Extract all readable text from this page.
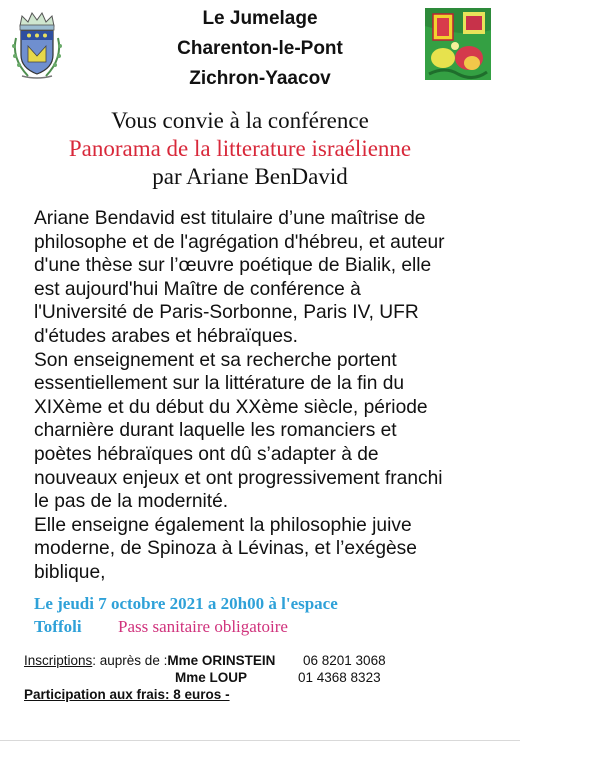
Le Jumelage
Charenton-le-Pont
Zichron-Yaacov
Vous convie à la conférence
Panorama de la litterature israélienne
par Ariane BenDavid
Ariane Bendavid est titulaire d’une maîtrise de
philosophe et de l'agrégation d'hébreu, et auteur
d'une thèse sur l’œuvre poétique de Bialik, elle
est aujourd'hui Maître de conférence à
l'Université de Paris-Sorbonne, Paris IV, UFR
d'études arabes et hébraïques.
Son enseignement et sa recherche portent
essentiellement sur la littérature de la fin du
XIXème et du début du XXème siècle, période
charnière durant laquelle les romanciers et
poètes hébraïques ont dû s’adapter à de
nouveaux enjeux et ont progressivement franchi
le pas de la modernité.
Elle enseigne également la philosophie juive
moderne, de Spinoza à Lévinas, et l’exégèse
biblique,
Le jeudi 7 octobre 2021 a 20h00 à l'espace
Toffoli Pass sanitaire obligatoire
Inscriptions: auprès de :Mme ORINSTEIN 06 8201 3068
Mme LOUP	01 4368 8323
Participation aux frais: 8 euros -
